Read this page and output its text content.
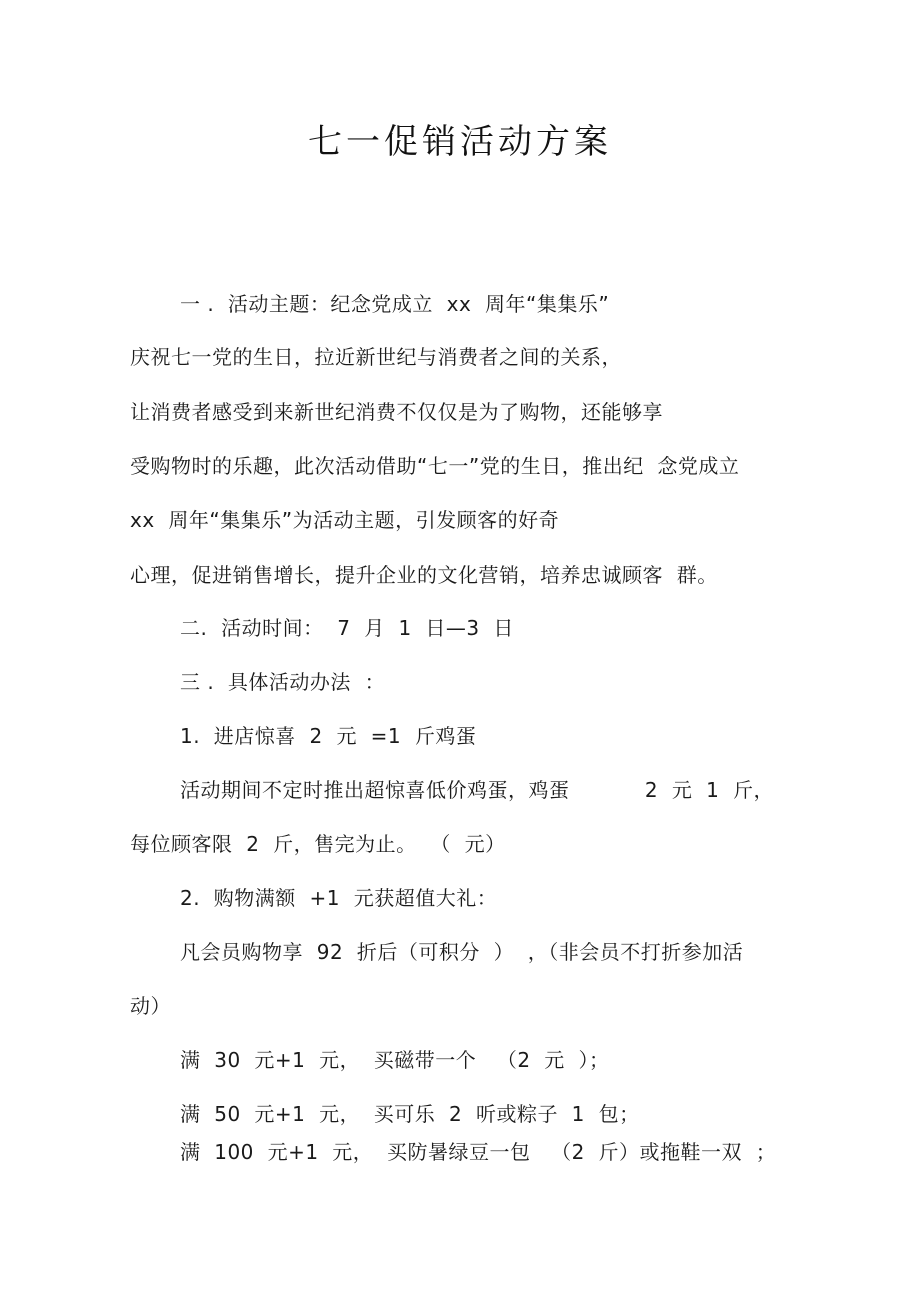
七一促销活动方案

一 .  活动主题：纪念党成立  xx  周年“集集乐”

庆祝七一党的生日，拉近新世纪与消费者之间的关系，

让消费者感受到来新世纪消费不仅仅是为了购物，还能够享

受购物时的乐趣，此次活动借助“七一”党的生日，推出纪  念党成立

xx  周年“集集乐”为活动主题，引发顾客的好奇

心理，促进销售增长，提升企业的文化营销，培养忠诚顾客  群。

二.  活动时间：  7  月  1  日—3  日

三 .  具体活动办法  ：

1.  进店惊喜  2  元  =1  斤鸡蛋

活动期间不定时推出超惊喜低价鸡蛋，鸡蛋           2  元  1  斤，

每位顾客限  2  斤，售完为止。  （  元）

2.  购物满额  +1  元获超值大礼：

凡会员购物享  92  折后（可积分  ）  ，（非会员不打折参加活

动）

满  30  元+1  元，  买磁带一个   （2  元  ）；

满  50  元+1  元，  买可乐  2  听或粽子  1  包；

满  100  元+1  元，  买防暑绿豆一包   （2  斤）或拖鞋一双  ；
